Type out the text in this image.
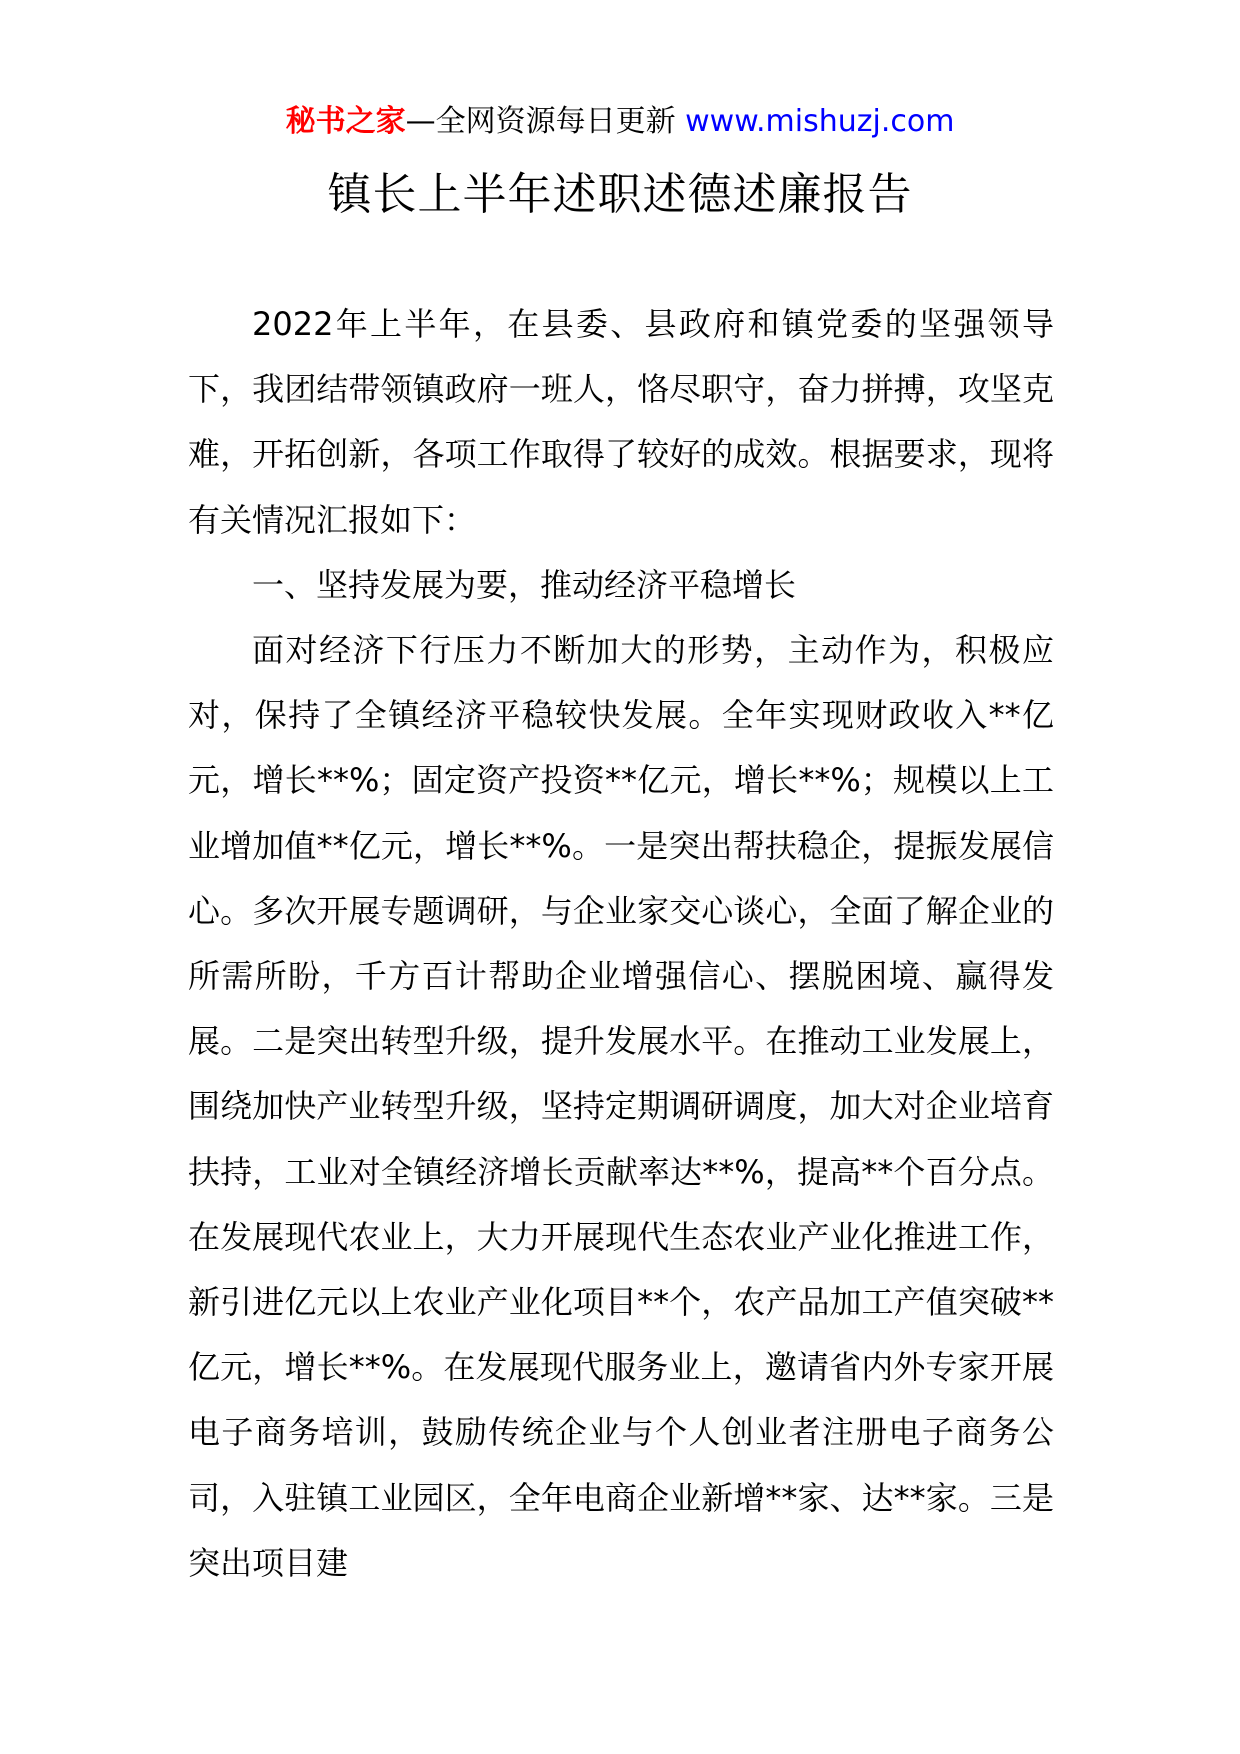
秘书之家—全网资源每日更新 www.mishuzj.com
镇长上半年述职述德述廉报告

2022年上半年，在县委、县政府和镇党委的坚强领导下，我团结带领镇政府一班人，恪尽职守，奋力拼搏，攻坚克难，开拓创新，各项工作取得了较好的成效。根据要求，现将有关情况汇报如下：

一、坚持发展为要，推动经济平稳增长

面对经济下行压力不断加大的形势，主动作为，积极应对，保持了全镇经济平稳较快发展。全年实现财政收入**亿元，增长**%；固定资产投资**亿元，增长**%；规模以上工业增加值**亿元，增长**%。一是突出帮扶稳企，提振发展信心。多次开展专题调研，与企业家交心谈心，全面了解企业的所需所盼，千方百计帮助企业增强信心、摆脱困境、赢得发展。二是突出转型升级，提升发展水平。在推动工业发展上，围绕加快产业转型升级，坚持定期调研调度，加大对企业培育扶持，工业对全镇经济增长贡献率达**%，提高**个百分点。在发展现代农业上，大力开展现代生态农业产业化推进工作，新引进亿元以上农业产业化项目**个，农产品加工产值突破**亿元，增长**%。在发展现代服务业上，邀请省内外专家开展电子商务培训，鼓励传统企业与个人创业者注册电子商务公司，入驻镇工业园区，全年电商企业新增**家、达**家。三是突出项目建
